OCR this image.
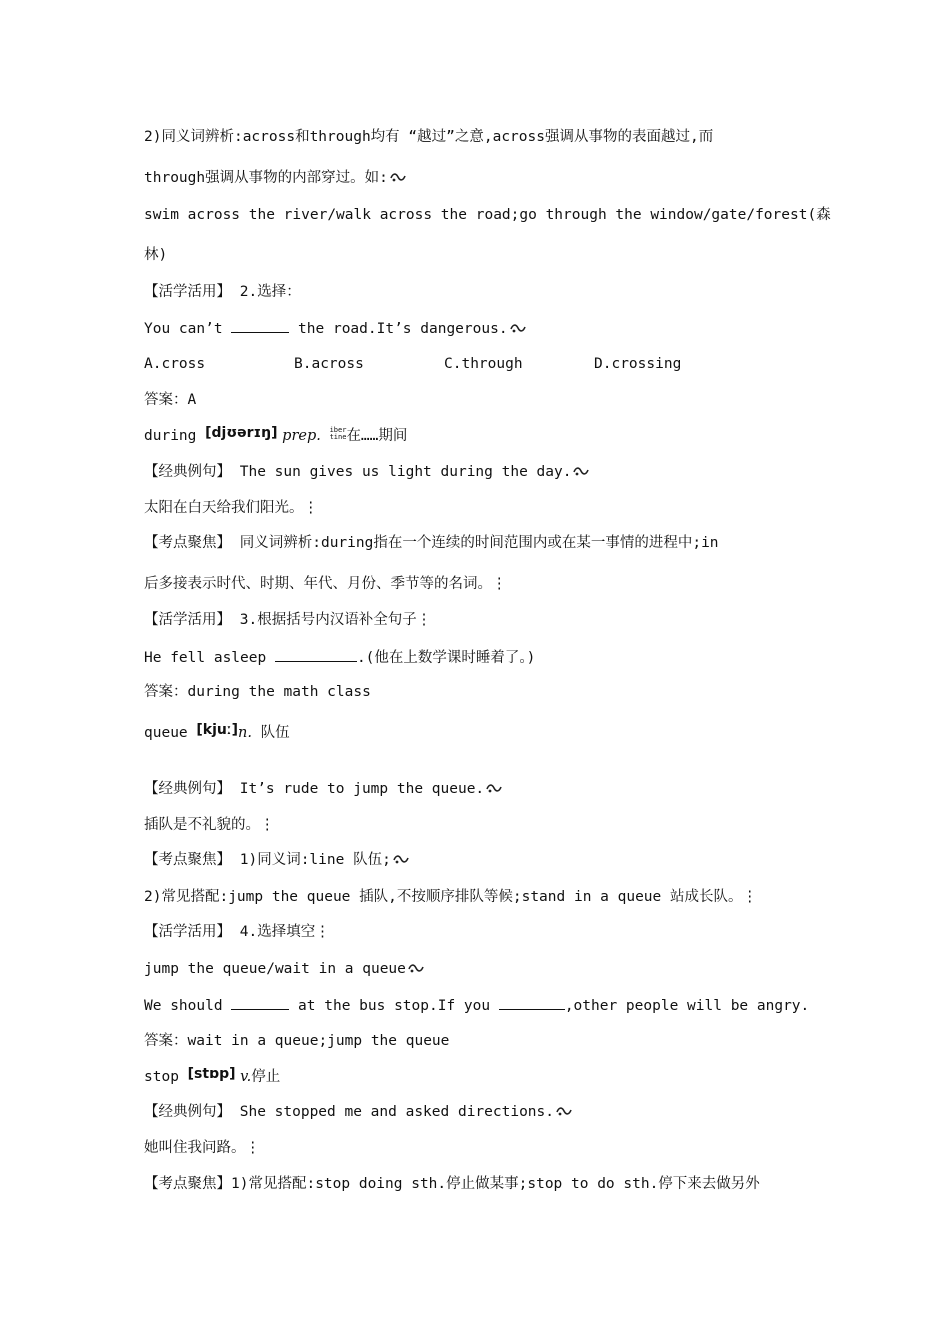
2)同义词辨析:across和through均有 “越过”之意,across强调从事物的表面越过,而
through强调从事物的内部穿过。如:
swim across the river/walk across the road;go through the window/gate/forest(森
林)
【活学活用】 2.选择：
You can’t	the road.It’s dangerous.
A.cross	B.across	C.through	D.crossing
答案：A
during [djʊərɪŋ] prep. iber
tine 在……期间
【经典例句】 The sun gives us light during the day.
太阳在白天给我们阳光。⋮
【考点聚焦】 同义词辨析:during指在一个连续的时间范围内或在某一事情的进程中;in
后多接表示时代、时期、年代、月份、季节等的名词。⋮
【活学活用】 3.根据括号内汉语补全句子⋮
He fell asleep	.(他在上数学课时睡着了。)
答案：during the math class
queue [kjuː]n. 队伍
【经典例句】 It’s rude to jump the queue.
插队是不礼貌的。⋮
【考点聚焦】 1)同义词:line 队伍;
2)常见搭配:jump the queue 插队,不按顺序排队等候;stand in a queue 站成长队。⋮
【活学活用】 4.选择填空⋮
jump the queue/wait in a queue
We should	at the bus stop.If you	,other people will be angry.
答案：wait in a queue;jump the queue
stop [stɒp] v.停止
【经典例句】 She stopped me and asked directions.
她叫住我问路。⋮
【考点聚焦】1)常见搭配:stop doing sth.停止做某事;stop to do sth.停下来去做另外
